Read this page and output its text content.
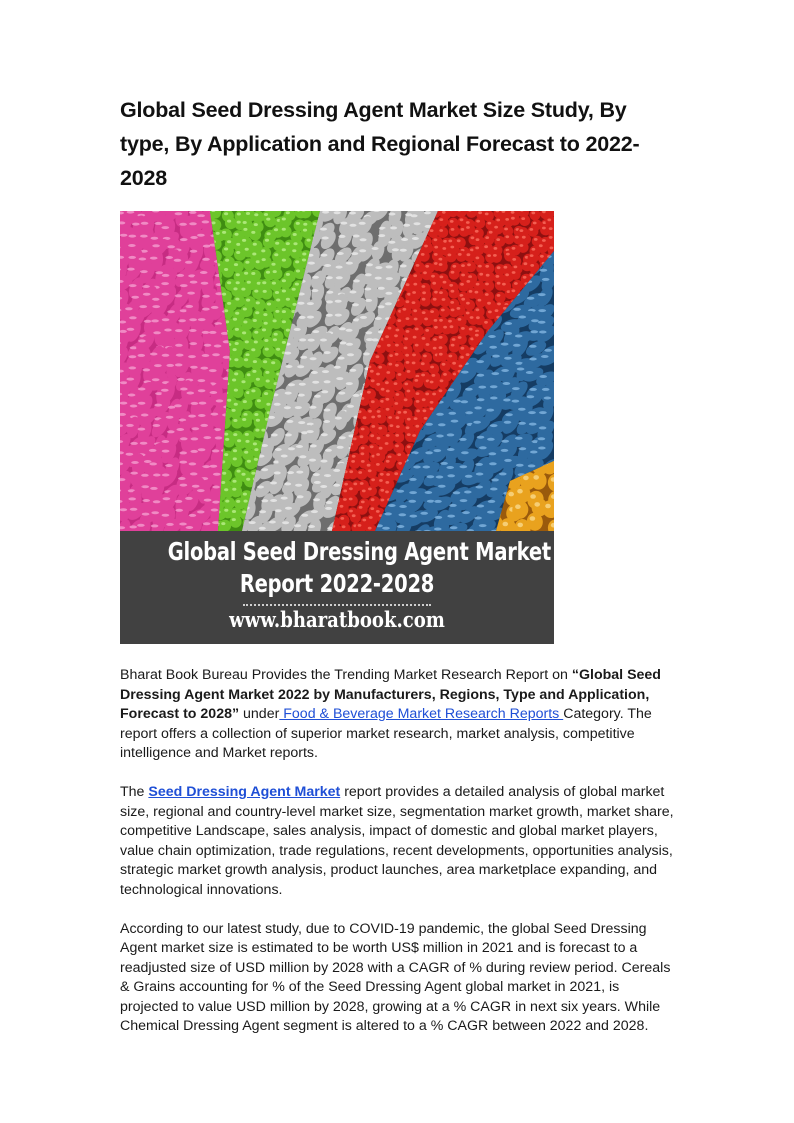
Global Seed Dressing Agent Market Size Study, By type, By Application and Regional Forecast to 2022-2028
Global Seed Dressing Agent Market Research
Report 2022-2028
www.bharatbook.com

Bharat Book Bureau Provides the Trending Market Research Report on “Global Seed Dressing Agent Market 2022 by Manufacturers, Regions, Type and Application, Forecast to 2028” under Food & Beverage Market Research Reports Category. The report offers a collection of superior market research, market analysis, competitive intelligence and Market reports.

The Seed Dressing Agent Market report provides a detailed analysis of global market size, regional and country-level market size, segmentation market growth, market share, competitive Landscape, sales analysis, impact of domestic and global market players, value chain optimization, trade regulations, recent developments, opportunities analysis, strategic market growth analysis, product launches, area marketplace expanding, and technological innovations.

According to our latest study, due to COVID-19 pandemic, the global Seed Dressing Agent market size is estimated to be worth US$ million in 2021 and is forecast to a readjusted size of USD million by 2028 with a CAGR of % during review period. Cereals & Grains accounting for % of the Seed Dressing Agent global market in 2021, is projected to value USD million by 2028, growing at a % CAGR in next six years. While Chemical Dressing Agent segment is altered to a % CAGR between 2022 and 2028.
